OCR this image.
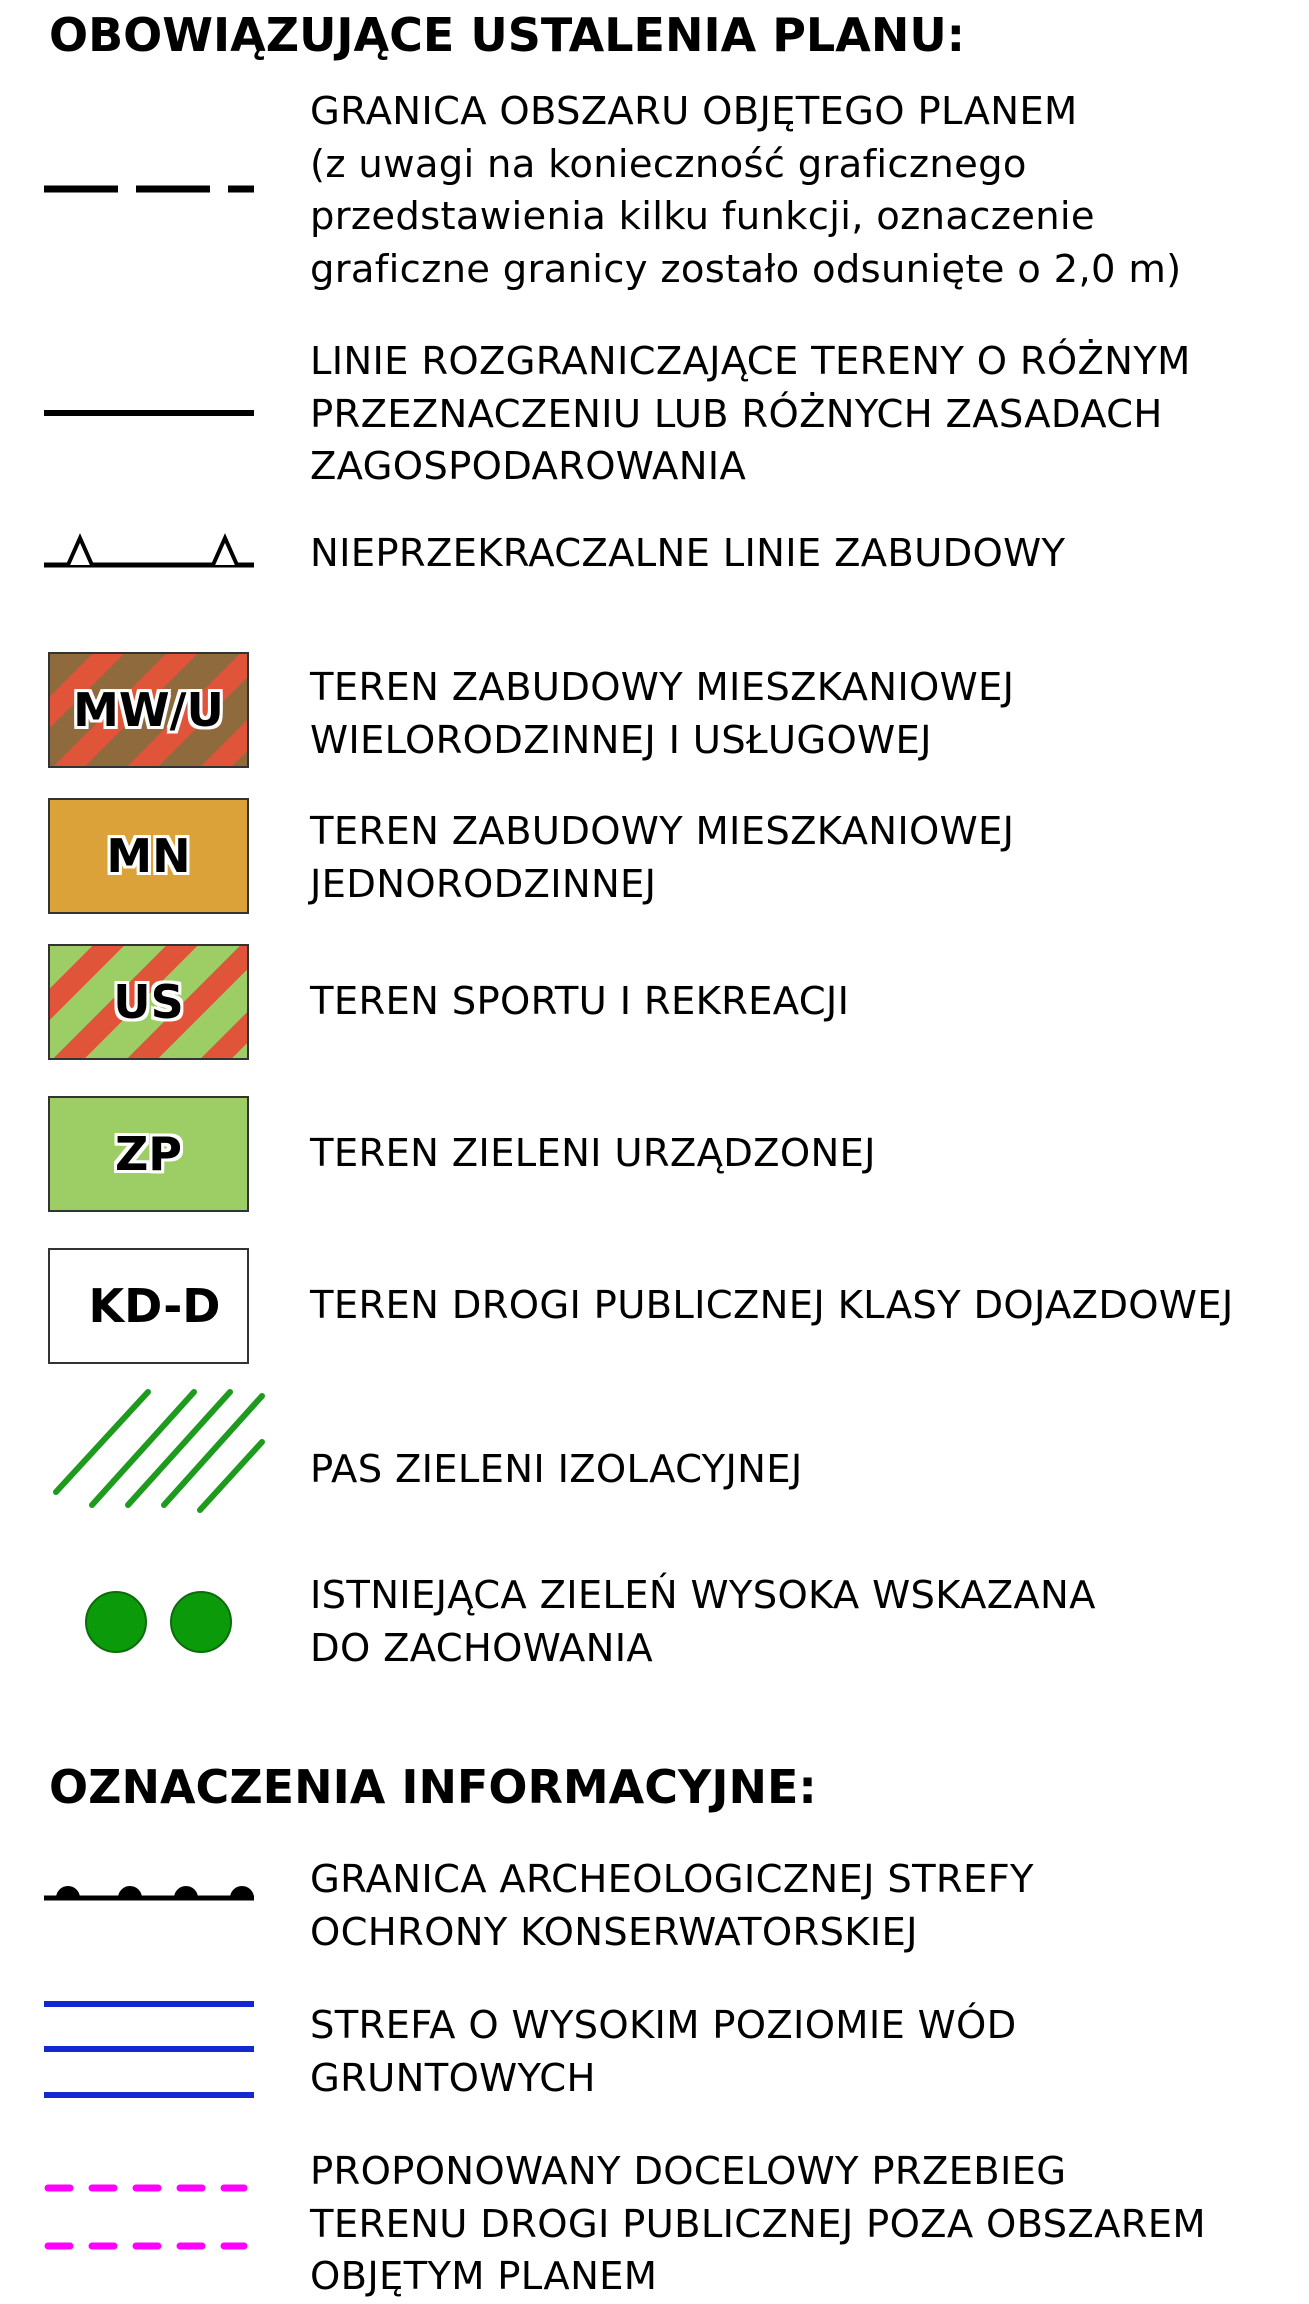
OBOWIĄZUJĄCE USTALENIA PLANU:
GRANICA OBSZARU OBJĘTEGO PLANEM
(z uwagi na konieczność graficznego
przedstawienia kilku funkcji, oznaczenie
graficzne granicy zostało odsunięte o 2,0 m)
LINIE ROZGRANICZAJĄCE TERENY O RÓŻNYM
PRZEZNACZENIU LUB RÓŻNYCH ZASADACH
ZAGOSPODAROWANIA
NIEPRZEKRACZALNE LINIE ZABUDOWY
MW/U TEREN ZABUDOWY MIESZKANIOWEJ
WIELORODZINNEJ I USŁUGOWEJ
MN	TEREN ZABUDOWY MIESZKANIOWEJ
JEDNORODZINNEJ
US	TEREN SPORTU I REKREACJI
ZP	TEREN ZIELENI URZĄDZONEJ
KD-D TEREN DROGI PUBLICZNEJ KLASY DOJAZDOWEJ
PAS ZIELENI IZOLACYJNEJ
ISTNIEJĄCA ZIELEŃ WYSOKA WSKAZANA
DO ZACHOWANIA
OZNACZENIA INFORMACYJNE:
GRANICA ARCHEOLOGICZNEJ STREFY
OCHRONY KONSERWATORSKIEJ
STREFA O WYSOKIM POZIOMIE WÓD
GRUNTOWYCH
PROPONOWANY DOCELOWY PRZEBIEG
TERENU DROGI PUBLICZNEJ POZA OBSZAREM
OBJĘTYM PLANEM
